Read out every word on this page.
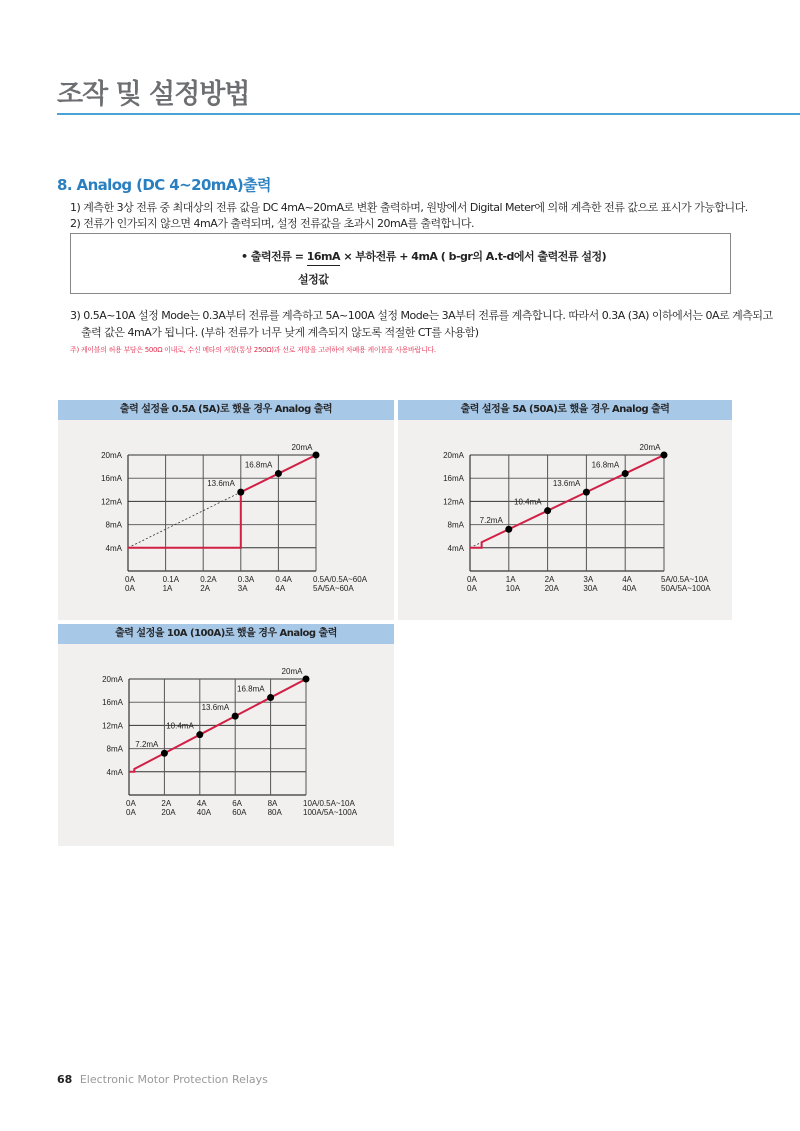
조작 및 설정방법
8. Analog (DC 4~20mA)출력
1) 계측한 3상 전류 중 최대상의 전류 값을 DC 4mA~20mA로 변환 출력하며, 원방에서 Digital Meter에 의해 계측한 전류 값으로 표시가 가능합니다.
2) 전류가 인가되지 않으면 4mA가 출력되며, 설정 전류값을 초과시 20mA를 출력합니다.
• 출력전류 = 16mA × 부하전류 + 4mA ( b-gr의 A.t-d에서 출력전류 설정)
설정값
3) 0.5A~10A 설정 Mode는 0.3A부터 전류를 계측하고 5A~100A 설정 Mode는 3A부터 전류를 계측합니다. 따라서 0.3A (3A) 이하에서는 0A로 계측되고
출력 값은 4mA가 됩니다. (부하 전류가 너무 낮게 계측되지 않도록 적절한 CT를 사용함)
주) 케이블의 허용 부담은 500Ω 이내로, 수신 메타의 저항(통상 250Ω)과 선로 저항을 고려하여 차폐용 케이블을 사용바랍니다.
출력 설정을 0.5A (5A)로 했을 경우 Analog 출력
20mA
16mA
12mA
8mA
4mA
0A
0A
0.1A
1A
0.2A
2A
0.3A
3A
0.4A
4A
0.5A/0.5A~60A
5A/5A~60A
13.6mA
16.8mA
20mA
출력 설정을 5A (50A)로 했을 경우 Analog 출력
20mA
16mA
12mA
8mA
4mA
0A
0A
1A
10A
2A
20A
3A
30A
4A
40A
5A/0.5A~10A
50A/5A~100A
7.2mA
10.4mA
13.6mA
16.8mA
20mA
출력 설정을 10A (100A)로 했을 경우 Analog 출력
20mA
16mA
12mA
8mA
4mA
0A
0A
2A
20A
4A
40A
6A
60A
8A
80A
10A/0.5A~10A
100A/5A~100A
7.2mA
10.4mA
13.6mA
16.8mA
20mA
68 Electronic Motor Protection Relays
